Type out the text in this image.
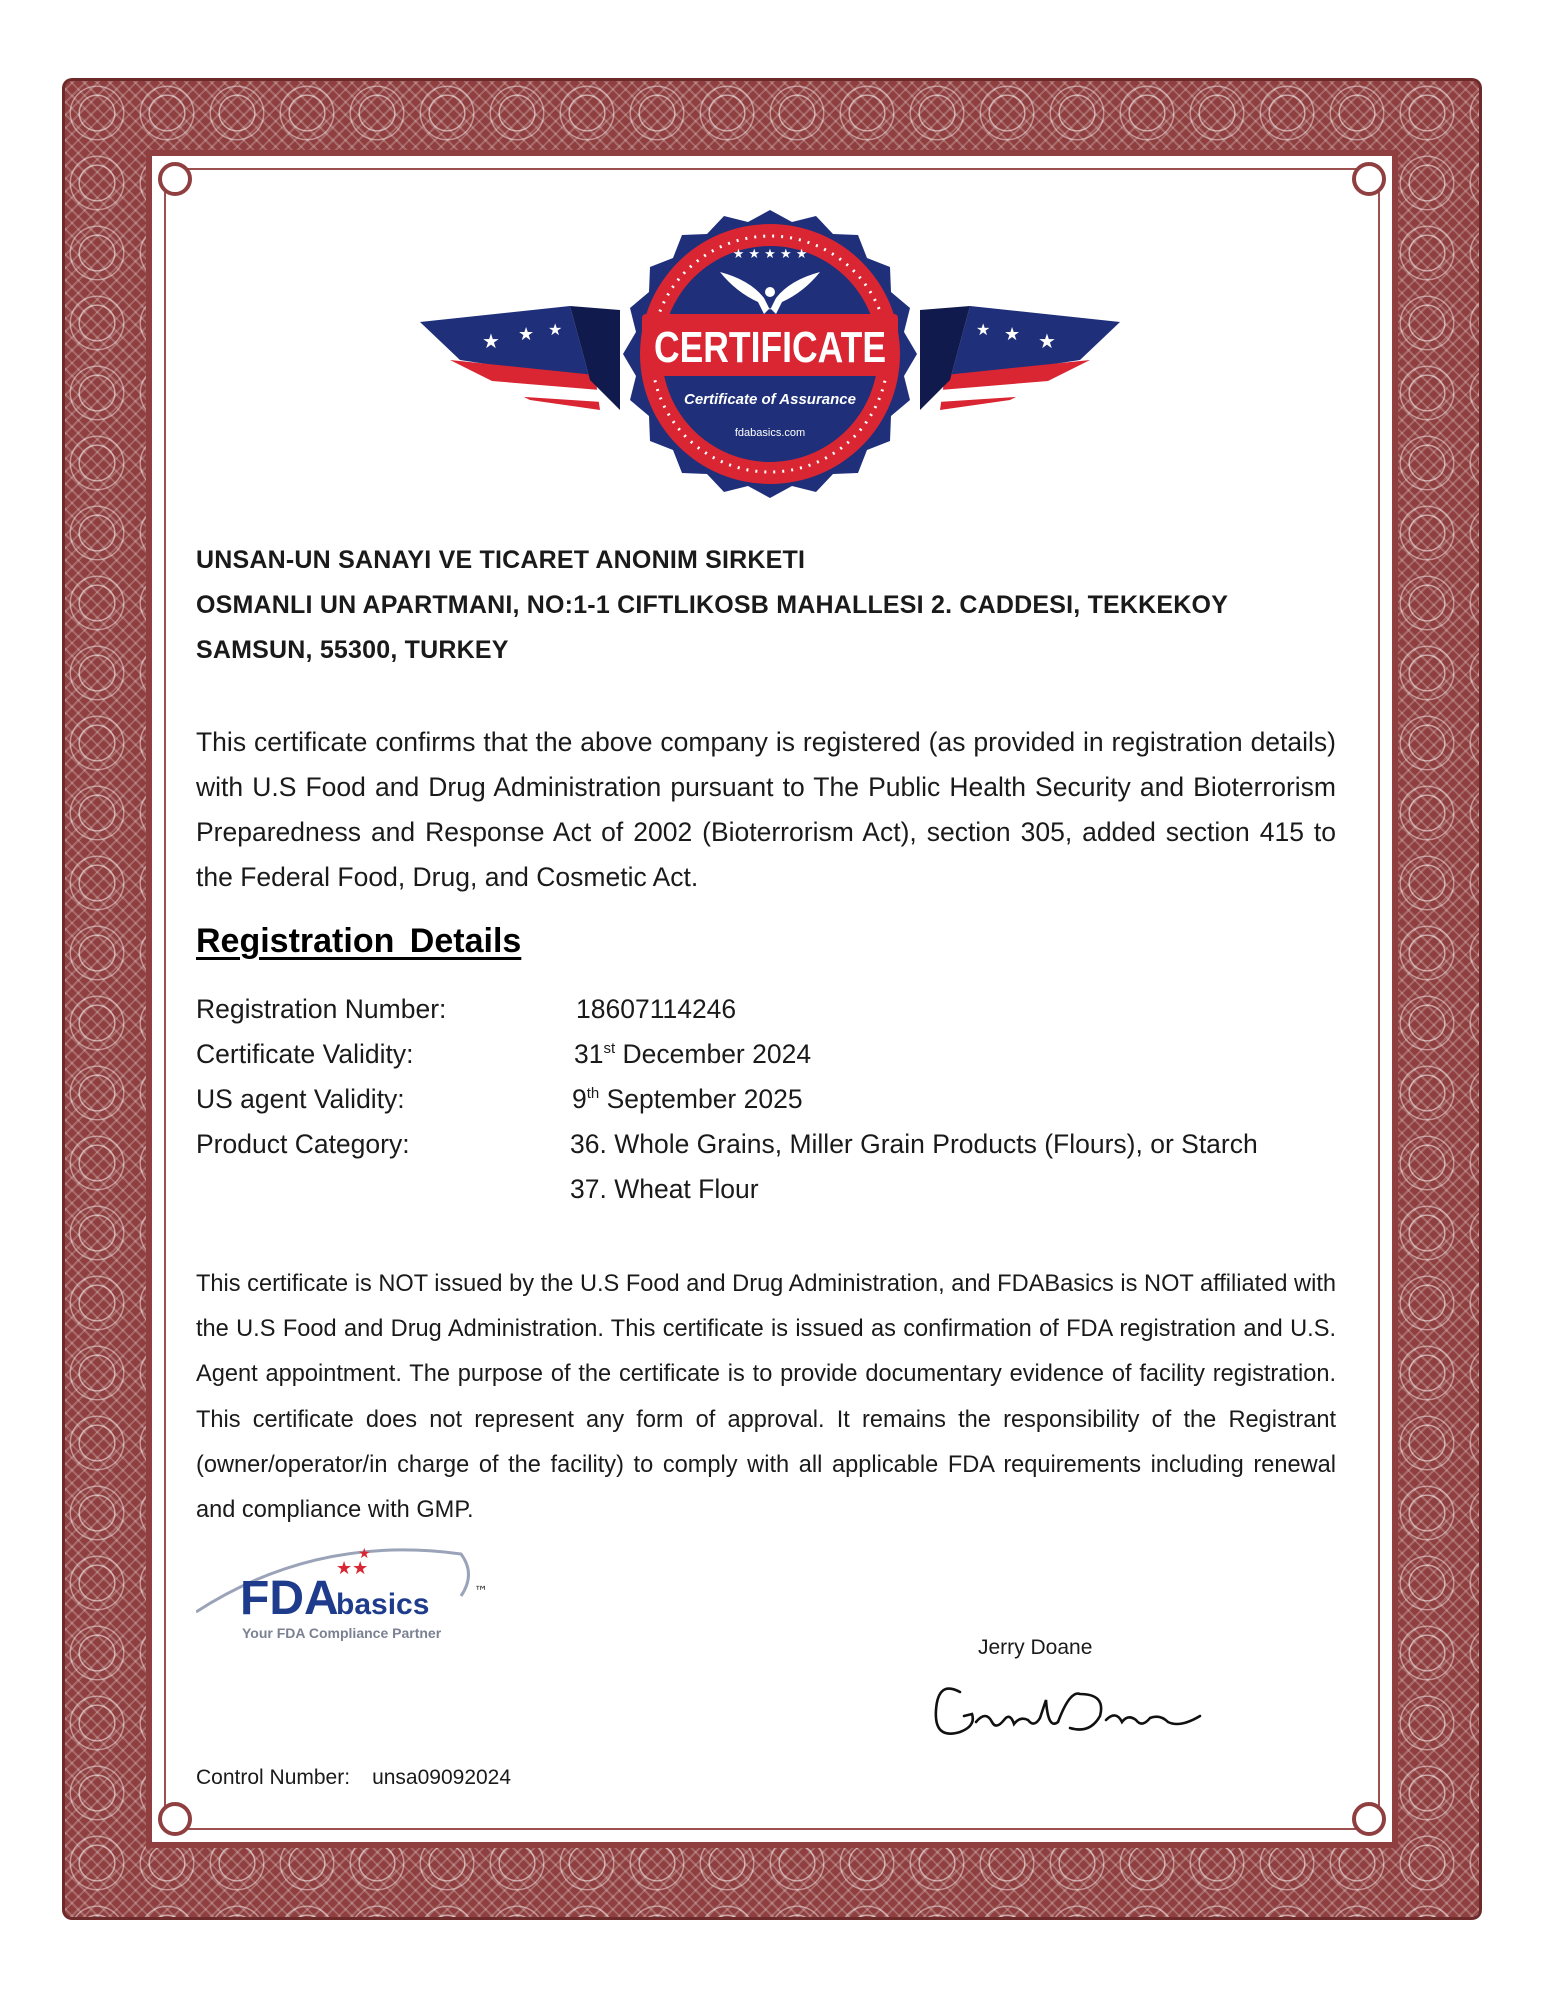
★ ★ ★	★
★
★
CERTIFICATE
★ ★ ★ ★ ★
Certificate of Assurance
fdabasics.com
UNSAN-UN SANAYI VE TICARET ANONIM SIRKETI
OSMANLI UN APARTMANI, NO:1-1 CIFTLIKOSB MAHALLESI 2. CADDESI, TEKKEKOY
SAMSUN, 55300, TURKEY
This certificate confirms that the above company is registered (as provided in registration details) with U.S Food and Drug Administration pursuant to The Public Health Security and Bioterrorism Preparedness and Response Act of 2002 (Bioterrorism Act), section 305, added section 415 to the Federal Food, Drug, and Cosmetic Act.
Registration Details
Registration Number:	18607114246
Certificate Validity:	31st December 2024
US agent Validity:	9th September 2025
Product Category:	36. Whole Grains, Miller Grain Products (Flours), or Starch
37. Wheat Flour
This certificate is NOT issued by the U.S Food and Drug Administration, and FDABasics is NOT affiliated with the U.S Food and Drug Administration. This certificate is issued as confirmation of FDA registration and U.S. Agent appointment. The purpose of the certificate is to provide documentary evidence of facility registration. This certificate does not represent any form of approval. It remains the responsibility of the Registrant (owner/operator/in charge of the facility) to comply with all applicable FDA requirements including renewal and compliance with GMP.
★★
★
FDA
basics	™
Your FDA Compliance Partner
Jerry Doane
Control Number: unsa09092024
